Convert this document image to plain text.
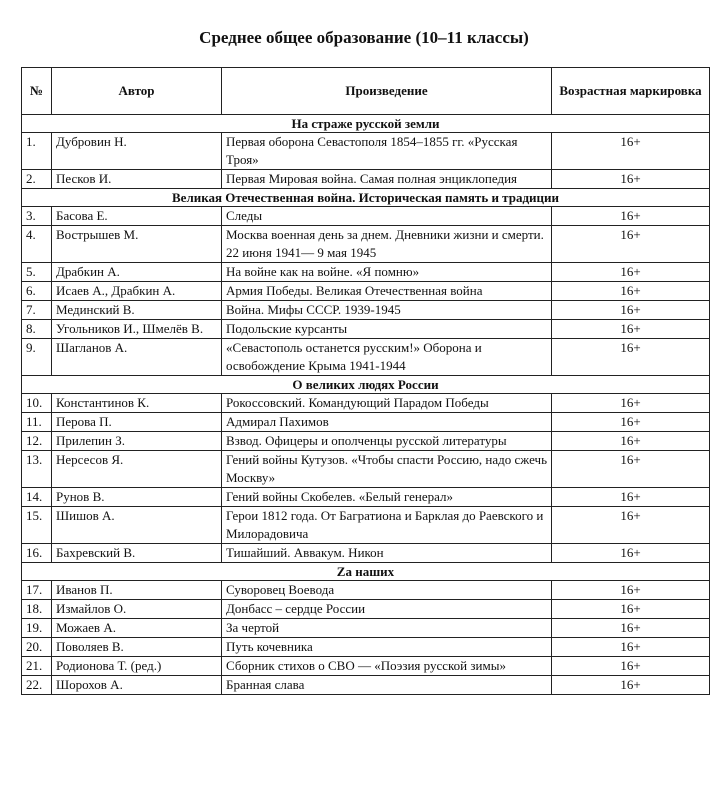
Среднее общее образование (10–11 классы)
№	Автор	Произведение	Возрастная маркировка
На страже русской земли			
1.	Дубровин Н.	Первая оборона Севастополя 1854–1855 гг. «Русская Троя»	16+
2.	Песков И.	Первая Мировая война. Самая полная энциклопедия	16+
Великая Отечественная война. Историческая память и традиции			
3.	Басова Е.	Следы	16+
4.	Вострышев М.	Москва военная день за днем. Дневники жизни и смерти. 22 июня 1941— 9 мая 1945	16+
5.	Драбкин А.	На войне как на войне. «Я помню»	16+
6.	Исаев А., Драбкин А.	Армия Победы. Великая Отечественная война	16+
7.	Мединский В.	Война. Мифы СССР. 1939-1945	16+
8.	Угольников И., Шмелёв В.	Подольские курсанты	16+
9.	Шагланов А.	«Севастополь останется русским!» Оборона и освобождение Крыма 1941-1944	16+
О великих людях России			
10.	Константинов К.	Рокоссовский. Командующий Парадом Победы	16+
11.	Перова П.	Адмирал Пахимов	16+
12.	Прилепин З.	Взвод. Офицеры и ополченцы русской литературы	16+
13.	Нерсесов Я.	Гений войны Кутузов. «Чтобы спасти Россию, надо сжечь Москву»	16+
14.	Рунов В.	Гений войны Скобелев. «Белый генерал»	16+
15.	Шишов А.	Герои 1812 года. От Багратиона и Барклая до Раевского и Милорадовича	16+
16.	Бахревский В.	Тишайший. Аввакум. Никон	16+
Zа наших			
17.	Иванов П.	Суворовец Воевода	16+
18.	Измайлов О.	Донбасс – сердце России	16+
19.	Можаев А.	За чертой	16+
20.	Поволяев В.	Путь кочевника	16+
21.	Родионова Т. (ред.)	Сборник стихов о СВО — «Поэзия русской зимы»	16+
22.	Шорохов А.	Бранная слава	16+
